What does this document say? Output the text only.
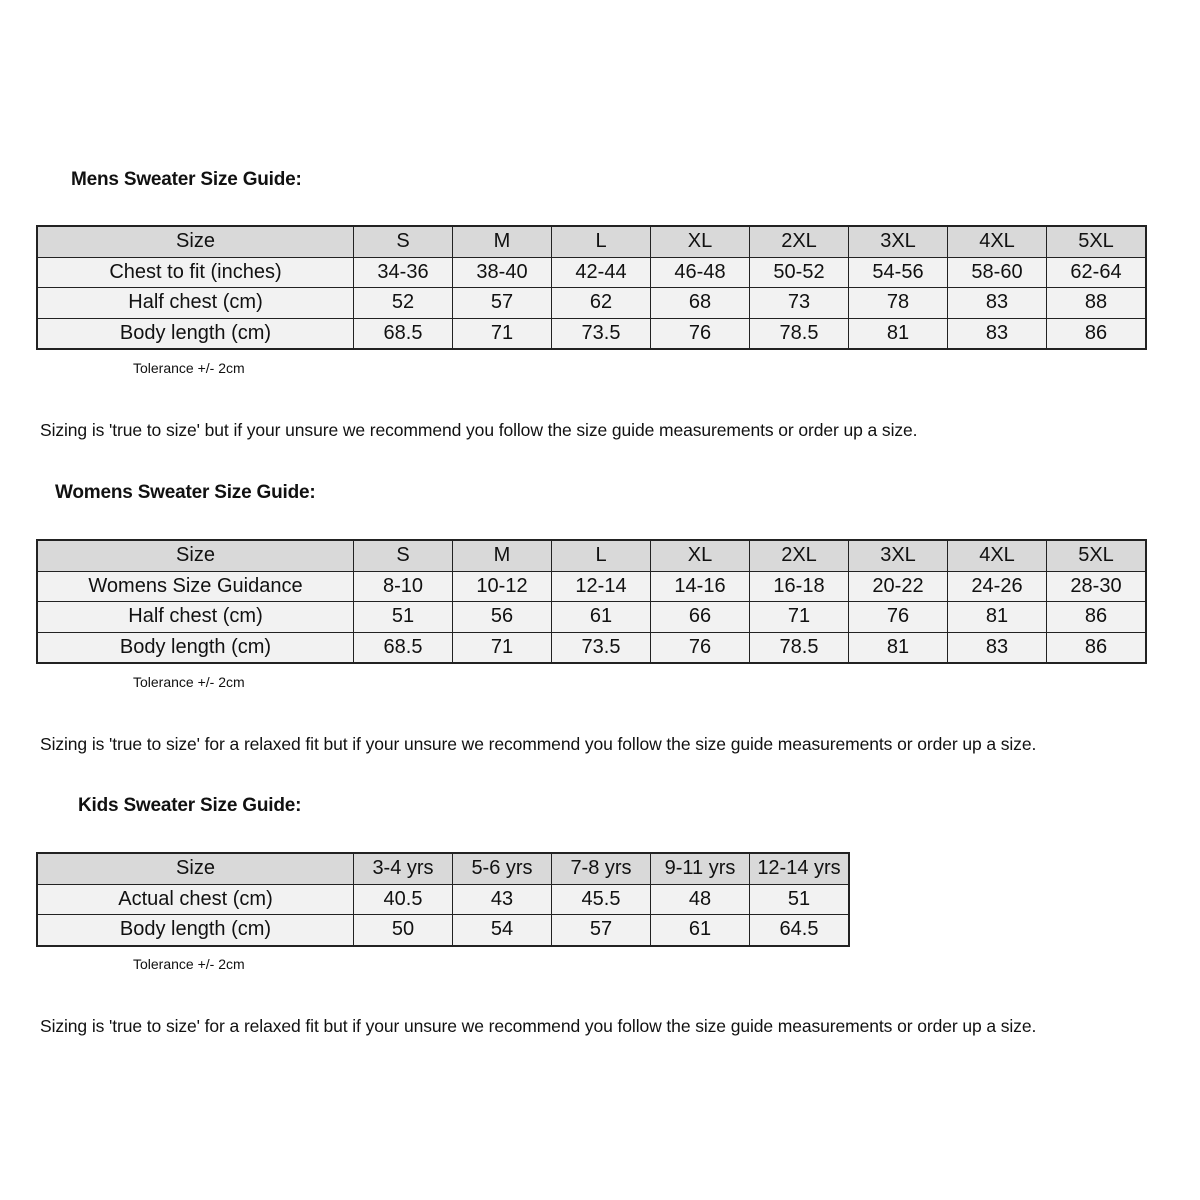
Mens Sweater Size Guide:
Size	S	M	L	XL	2XL	3XL	4XL	5XL
Chest to fit (inches)	34-36	38-40	42-44	46-48	50-52	54-56	58-60	62-64
Half chest (cm)	52	57	62	68	73	78	83	88
Body length (cm)	68.5	71	73.5	76	78.5	81	83	86
Tolerance +/- 2cm
Sizing is 'true to size' but if your unsure we recommend you follow the size guide measurements or order up a size.
Womens Sweater Size Guide:
Size	S	M	L	XL	2XL	3XL	4XL	5XL
Womens Size Guidance	8-10	10-12	12-14	14-16	16-18	20-22	24-26	28-30
Half chest (cm)	51	56	61	66	71	76	81	86
Body length (cm)	68.5	71	73.5	76	78.5	81	83	86
Tolerance +/- 2cm
Sizing is 'true to size' for a relaxed fit but if your unsure we recommend you follow the size guide measurements or order up a size.
Kids Sweater Size Guide:
Size	3-4 yrs	5-6 yrs	7-8 yrs	9-11 yrs	12-14 yrs
Actual chest (cm)	40.5	43	45.5	48	51
Body length (cm)	50	54	57	61	64.5
Tolerance +/- 2cm
Sizing is 'true to size' for a relaxed fit but if your unsure we recommend you follow the size guide measurements or order up a size.
